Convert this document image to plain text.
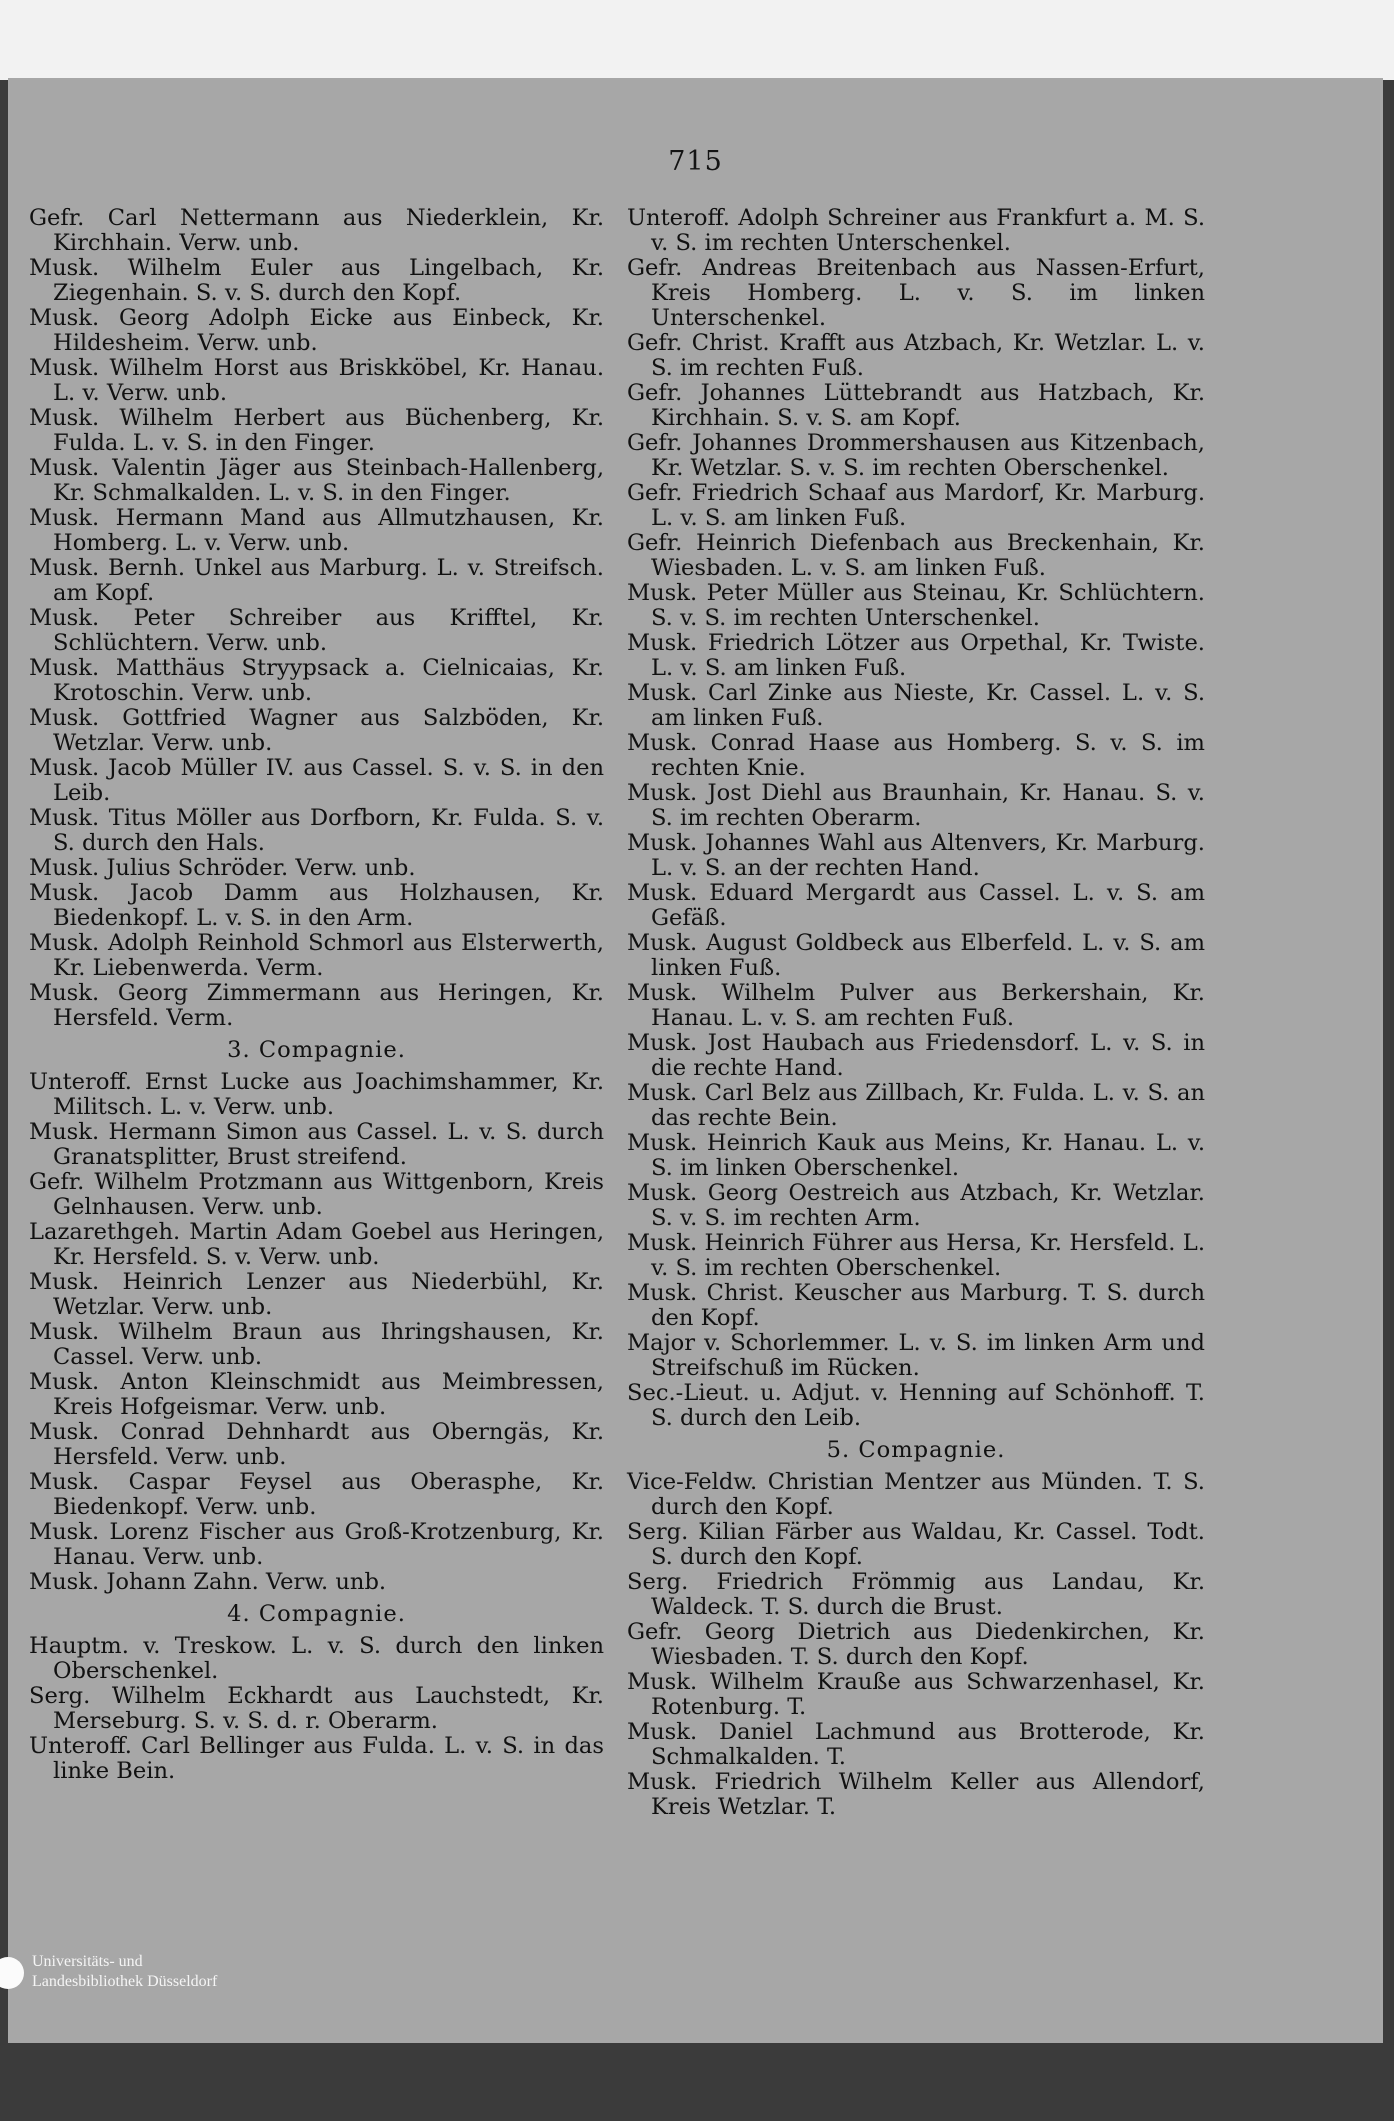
715

Gefr. Carl Nettermann aus Niederklein, Kr. Kirchhain. Verw. unb.

Musk. Wilhelm Euler aus Lingelbach, Kr. Ziegenhain. S. v. S. durch den Kopf.

Musk. Georg Adolph Eicke aus Einbeck, Kr. Hildesheim. Verw. unb.

Musk. Wilhelm Horst aus Briskköbel, Kr. Hanau. L. v. Verw. unb.

Musk. Wilhelm Herbert aus Büchenberg, Kr. Fulda. L. v. S. in den Finger.

Musk. Valentin Jäger aus Steinbach-Hallenberg, Kr. Schmalkalden. L. v. S. in den Finger.

Musk. Hermann Mand aus Allmutzhausen, Kr. Homberg. L. v. Verw. unb.

Musk. Bernh. Unkel aus Marburg. L. v. Streifsch. am Kopf.

Musk. Peter Schreiber aus Krifftel, Kr. Schlüchtern. Verw. unb.

Musk. Matthäus Stryypsack a. Cielnicaias, Kr. Krotoschin. Verw. unb.

Musk. Gottfried Wagner aus Salzböden, Kr. Wetzlar. Verw. unb.

Musk. Jacob Müller IV. aus Cassel. S. v. S. in den Leib.

Musk. Titus Möller aus Dorfborn, Kr. Fulda. S. v. S. durch den Hals.

Musk. Julius Schröder. Verw. unb.

Musk. Jacob Damm aus Holzhausen, Kr. Biedenkopf. L. v. S. in den Arm.

Musk. Adolph Reinhold Schmorl aus Elsterwerth, Kr. Liebenwerda. Verm.

Musk. Georg Zimmermann aus Heringen, Kr. Hersfeld. Verm.

3. Compagnie.

Unteroff. Ernst Lucke aus Joachimshammer, Kr. Militsch. L. v. Verw. unb.

Musk. Hermann Simon aus Cassel. L. v. S. durch Granatsplitter, Brust streifend.

Gefr. Wilhelm Protzmann aus Wittgenborn, Kreis Gelnhausen. Verw. unb.

Lazarethgeh. Martin Adam Goebel aus Heringen, Kr. Hersfeld. S. v. Verw. unb.

Musk. Heinrich Lenzer aus Niederbühl, Kr. Wetzlar. Verw. unb.

Musk. Wilhelm Braun aus Ihringshausen, Kr. Cassel. Verw. unb.

Musk. Anton Kleinschmidt aus Meimbressen, Kreis Hofgeismar. Verw. unb.

Musk. Conrad Dehnhardt aus Oberngäs, Kr. Hersfeld. Verw. unb.

Musk. Caspar Feysel aus Oberasphe, Kr. Biedenkopf. Verw. unb.

Musk. Lorenz Fischer aus Groß-Krotzenburg, Kr. Hanau. Verw. unb.

Musk. Johann Zahn. Verw. unb.

4. Compagnie.

Hauptm. v. Treskow. L. v. S. durch den linken Oberschenkel.

Serg. Wilhelm Eckhardt aus Lauchstedt, Kr. Merseburg. S. v. S. d. r. Oberarm.

Unteroff. Carl Bellinger aus Fulda. L. v. S. in das linke Bein.

Unteroff. Adolph Schreiner aus Frankfurt a. M. S. v. S. im rechten Unterschenkel.

Gefr. Andreas Breitenbach aus Nassen-Erfurt, Kreis Homberg. L. v. S. im linken Unterschenkel.

Gefr. Christ. Krafft aus Atzbach, Kr. Wetzlar. L. v. S. im rechten Fuß.

Gefr. Johannes Lüttebrandt aus Hatzbach, Kr. Kirchhain. S. v. S. am Kopf.

Gefr. Johannes Drommershausen aus Kitzenbach, Kr. Wetzlar. S. v. S. im rechten Oberschenkel.

Gefr. Friedrich Schaaf aus Mardorf, Kr. Marburg. L. v. S. am linken Fuß.

Gefr. Heinrich Diefenbach aus Breckenhain, Kr. Wiesbaden. L. v. S. am linken Fuß.

Musk. Peter Müller aus Steinau, Kr. Schlüchtern. S. v. S. im rechten Unterschenkel.

Musk. Friedrich Lötzer aus Orpethal, Kr. Twiste. L. v. S. am linken Fuß.

Musk. Carl Zinke aus Nieste, Kr. Cassel. L. v. S. am linken Fuß.

Musk. Conrad Haase aus Homberg. S. v. S. im rechten Knie.

Musk. Jost Diehl aus Braunhain, Kr. Hanau. S. v. S. im rechten Oberarm.

Musk. Johannes Wahl aus Altenvers, Kr. Marburg. L. v. S. an der rechten Hand.

Musk. Eduard Mergardt aus Cassel. L. v. S. am Gefäß.

Musk. August Goldbeck aus Elberfeld. L. v. S. am linken Fuß.

Musk. Wilhelm Pulver aus Berkershain, Kr. Hanau. L. v. S. am rechten Fuß.

Musk. Jost Haubach aus Friedensdorf. L. v. S. in die rechte Hand.

Musk. Carl Belz aus Zillbach, Kr. Fulda. L. v. S. an das rechte Bein.

Musk. Heinrich Kauk aus Meins, Kr. Hanau. L. v. S. im linken Oberschenkel.

Musk. Georg Oestreich aus Atzbach, Kr. Wetzlar. S. v. S. im rechten Arm.

Musk. Heinrich Führer aus Hersa, Kr. Hersfeld. L. v. S. im rechten Oberschenkel.

Musk. Christ. Keuscher aus Marburg. T. S. durch den Kopf.

Major v. Schorlemmer. L. v. S. im linken Arm und Streifschuß im Rücken.

Sec.-Lieut. u. Adjut. v. Henning auf Schönhoff. T. S. durch den Leib.

5. Compagnie.

Vice-Feldw. Christian Mentzer aus Münden. T. S. durch den Kopf.

Serg. Kilian Färber aus Waldau, Kr. Cassel. Todt. S. durch den Kopf.

Serg. Friedrich Frömmig aus Landau, Kr. Waldeck. T. S. durch die Brust.

Gefr. Georg Dietrich aus Diedenkirchen, Kr. Wiesbaden. T. S. durch den Kopf.

Musk. Wilhelm Krauße aus Schwarzenhasel, Kr. Rotenburg. T.

Musk. Daniel Lachmund aus Brotterode, Kr. Schmalkalden. T.

Musk. Friedrich Wilhelm Keller aus Allendorf, Kreis Wetzlar. T.

Universitäts- und
Landesbibliothek Düsseldorf
